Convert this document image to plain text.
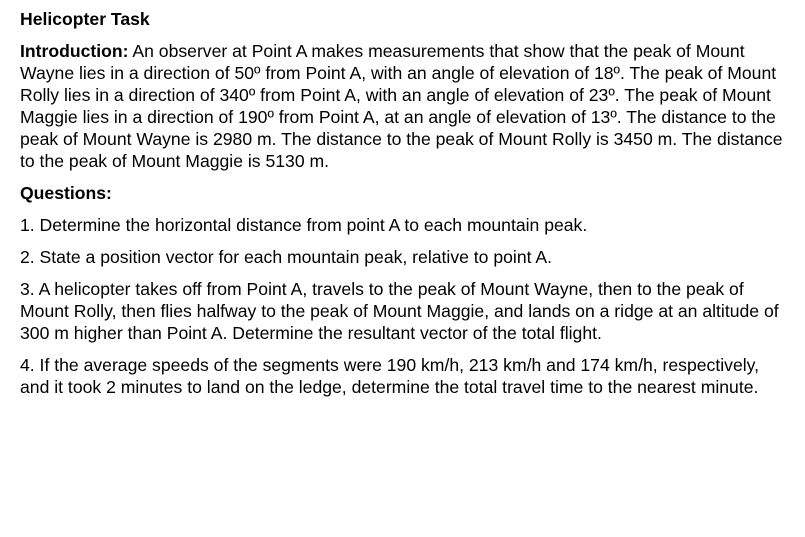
Helicopter Task
Introduction: An observer at Point A makes measurements that show that the peak of Mount Wayne lies in a direction of 50º from Point A, with an angle of elevation of 18º. The peak of Mount Rolly lies in a direction of 340º from Point A, with an angle of elevation of 23º. The peak of Mount Maggie lies in a direction of 190º from Point A, at an angle of elevation of 13º. The distance to the peak of Mount Wayne is 2980 m. The distance to the peak of Mount Rolly is 3450 m. The distance to the peak of Mount Maggie is 5130 m.
Questions:
1. Determine the horizontal distance from point A to each mountain peak.
2. State a position vector for each mountain peak, relative to point A.
3. A helicopter takes off from Point A, travels to the peak of Mount Wayne, then to the peak of Mount Rolly, then flies halfway to the peak of Mount Maggie, and lands on a ridge at an altitude of 300 m higher than Point A. Determine the resultant vector of the total flight.
4. If the average speeds of the segments were 190 km/h, 213 km/h and 174 km/h, respectively, and it took 2 minutes to land on the ledge, determine the total travel time to the nearest minute.
